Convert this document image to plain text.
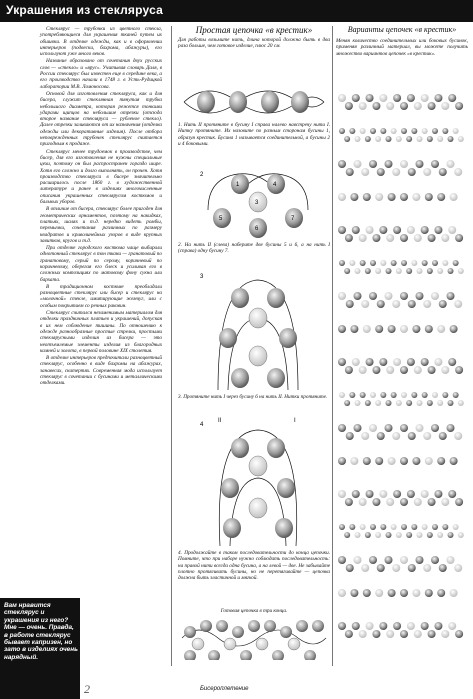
Украшения из стекляруса

Стеклярус — трубочки из цветного стекла, употребляющиеся для украшения тканей путем их обшивки. В отделке одежды, как и в оформлении интерьеров (подвески, бахрома, абажуры), его используют уже много веков.

Название образовано от сочетания двух русских слов — «стекло» и «ярус». Учитывая словарь Даля, в России стеклярус был известен еще в середине века, а его производство начали в 1748 г. в Усть-Рудицкой лаборатории М.В. Ломоносова.

Основой для изготовления стекляруса, как и для бисера, служит стеклянная тянутая трубка небольшого диаметра, которая режется тонкими ударами щипцов на небольшие отрезки (отсюда второе название стекляруса — рубленое стекло). Далее отрезки заливаются от их назначения (отделка одежды или декоративные изделия). После отбора неповрежденных трубочек стеклярус считается пригодным к продаже.

Стеклярус менее трудоемок в производстве, чем бисер, для его изготовления не нужны специальные цехи, поэтому он был распространен гораздо шире. Хотя его сложно и долго выполнять, он прочен. Хотя производство стекляруса в бисере значительно расширилось после 1860 г. в художественной литературе и ранее в изделиях многочисленные описания украшенных стеклярусом костюмов и бальных уборов.

В отличие от бисера, стеклярус более пригоден для геометрических орнаментов, поэтому на накидках, платьях, шалях и т.д. нередко видеть ромбы, перемычки, сочетания различных по размеру квадратов и криволинейных узоров в виде крупных завитков, кругов и т.д.

При отделке городского костюма чаще выбирали однотонный стеклярус в тон ткани — гранатовый по гранатовому, серый по серому, коричневый по коричневому, оберегая его блеск и усиливая его в сложных композициях по матовому фону сукна или бархата.

В традиционном костюме преобладали разноцветные стеклярус или бисер и стеклярус на «молочной» стекле, имитирующие жемчуг, или с особым покрытием со речных раковин.

Стеклярус считался незаменимым материалом для отделки праздничных платьев и украшений, допуская в их нем соблюдение тишины. По отношению к одежде разнообразные простые стрелки, простыми стеклярусными изделия из бисера — это неотъемлемые элементы изделия из благородных камней и золота, в первой половине XIX столетия.

В отделке интерьеров предпочитали разноцветный стеклярус, особенно в виде бахромы на абажурах, занавесах, скатертях. Современная мода использует стеклярус в сочетании с бусинами и металлическими отделками.

Простая цепочка «в крестик»
Для работы возьмите нить, длина которой должна быть в два раза больше, чем готовое изделие, плюс 20 см.
1. Нить II протяните в бусину I справа налево навстречу нити I. Нитку протяните. Их назовите по разным сторонам бусины 1, образуя крестик. Бусина 1 называется соединительной, а бусины 2 и 4 боковыми.
2
1	4
3
5
6
7
2. На нить II (слева) наберите две бусины 5 и 6, а на нить I (справа) одну бусину 7.
3
3. Протяните нить I через бусину 6 на нить II. Нитки протяните.
4
II	I
4. Продолжайте в таком последовательности до конца цепочки. Помните, что при наборе нужно соблюдать последовательность: на правой нити всегда одна бусина, а на левой — две. Не забывайте плотно протягивать бусины, но не перетягивайте — цепочка должна быть эластичной и мягкой.
Готовая цепочка в три конца.
Варианты цепочек «в крестик»
Меняя количество соединительных или боковых бусинок, применяя различный материал, вы можете получить множество вариантов цепочек «в крестик».
Вам нравится стеклярус и украшения из него? Мне — очень. Правда, в работе стеклярус бывает капризен, но зато в изделиях очень нарядный.
2	Бисероплетение
